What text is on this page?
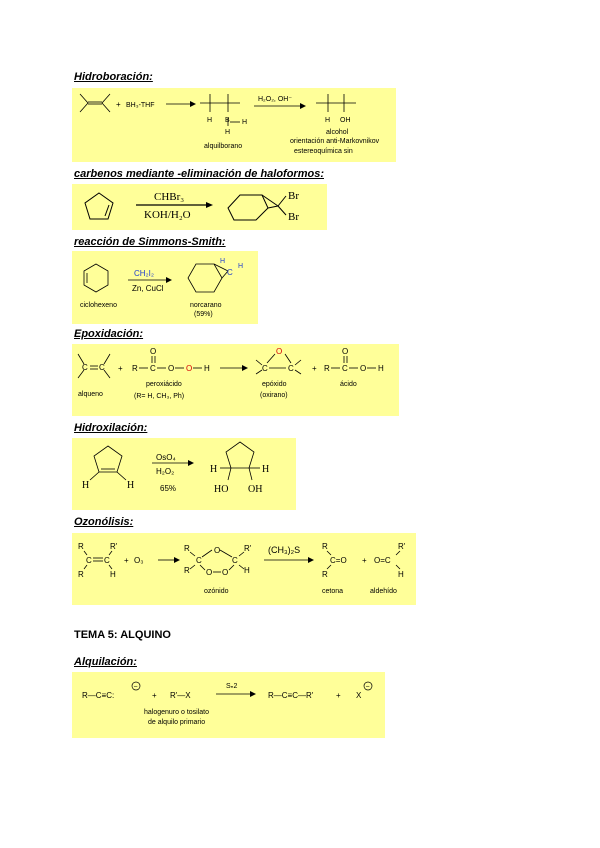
Hidroboración:
+ BH₃-THF
H B H
H
alquilborano
H₂O₂, OH⁻
H OH
alcohol
orientación anti-Markovnikov
estereoquímica sin
carbenos mediante -eliminación de haloformos:
CHBr₃
KOH/H₂O
Br
Br
reacción de Simmons-Smith:
ciclohexeno
CH₂I₂
Zn, CuCl
C
H
H
norcarano
(59%)
Epoxidación:
C C
alqueno
+ R C
O
O O H
peroxiácido
(R= H, CH₃, Ph)
O
C	C
epóxido
(oxirano)
+ R C
O
O H
ácido
Hidroxilación:
H	H
OsO₄
H₂O₂
65%
H	H
HO OH
Ozonólisis:
R	R'
C C
R	H
+ O₃
R
R
C
O
O O
C
R'
H
ozónido
(CH₃)₂S	R
C=O
R
cetona
+ O=C
R'
H
aldehído
TEMA 5: ALQUINO
Alquilación:
R—C≡C:
−
+ R'—X
Sₙ2
R—C≡C—R'	+ X
−
halogenuro o tosilato
de alquilo primario
